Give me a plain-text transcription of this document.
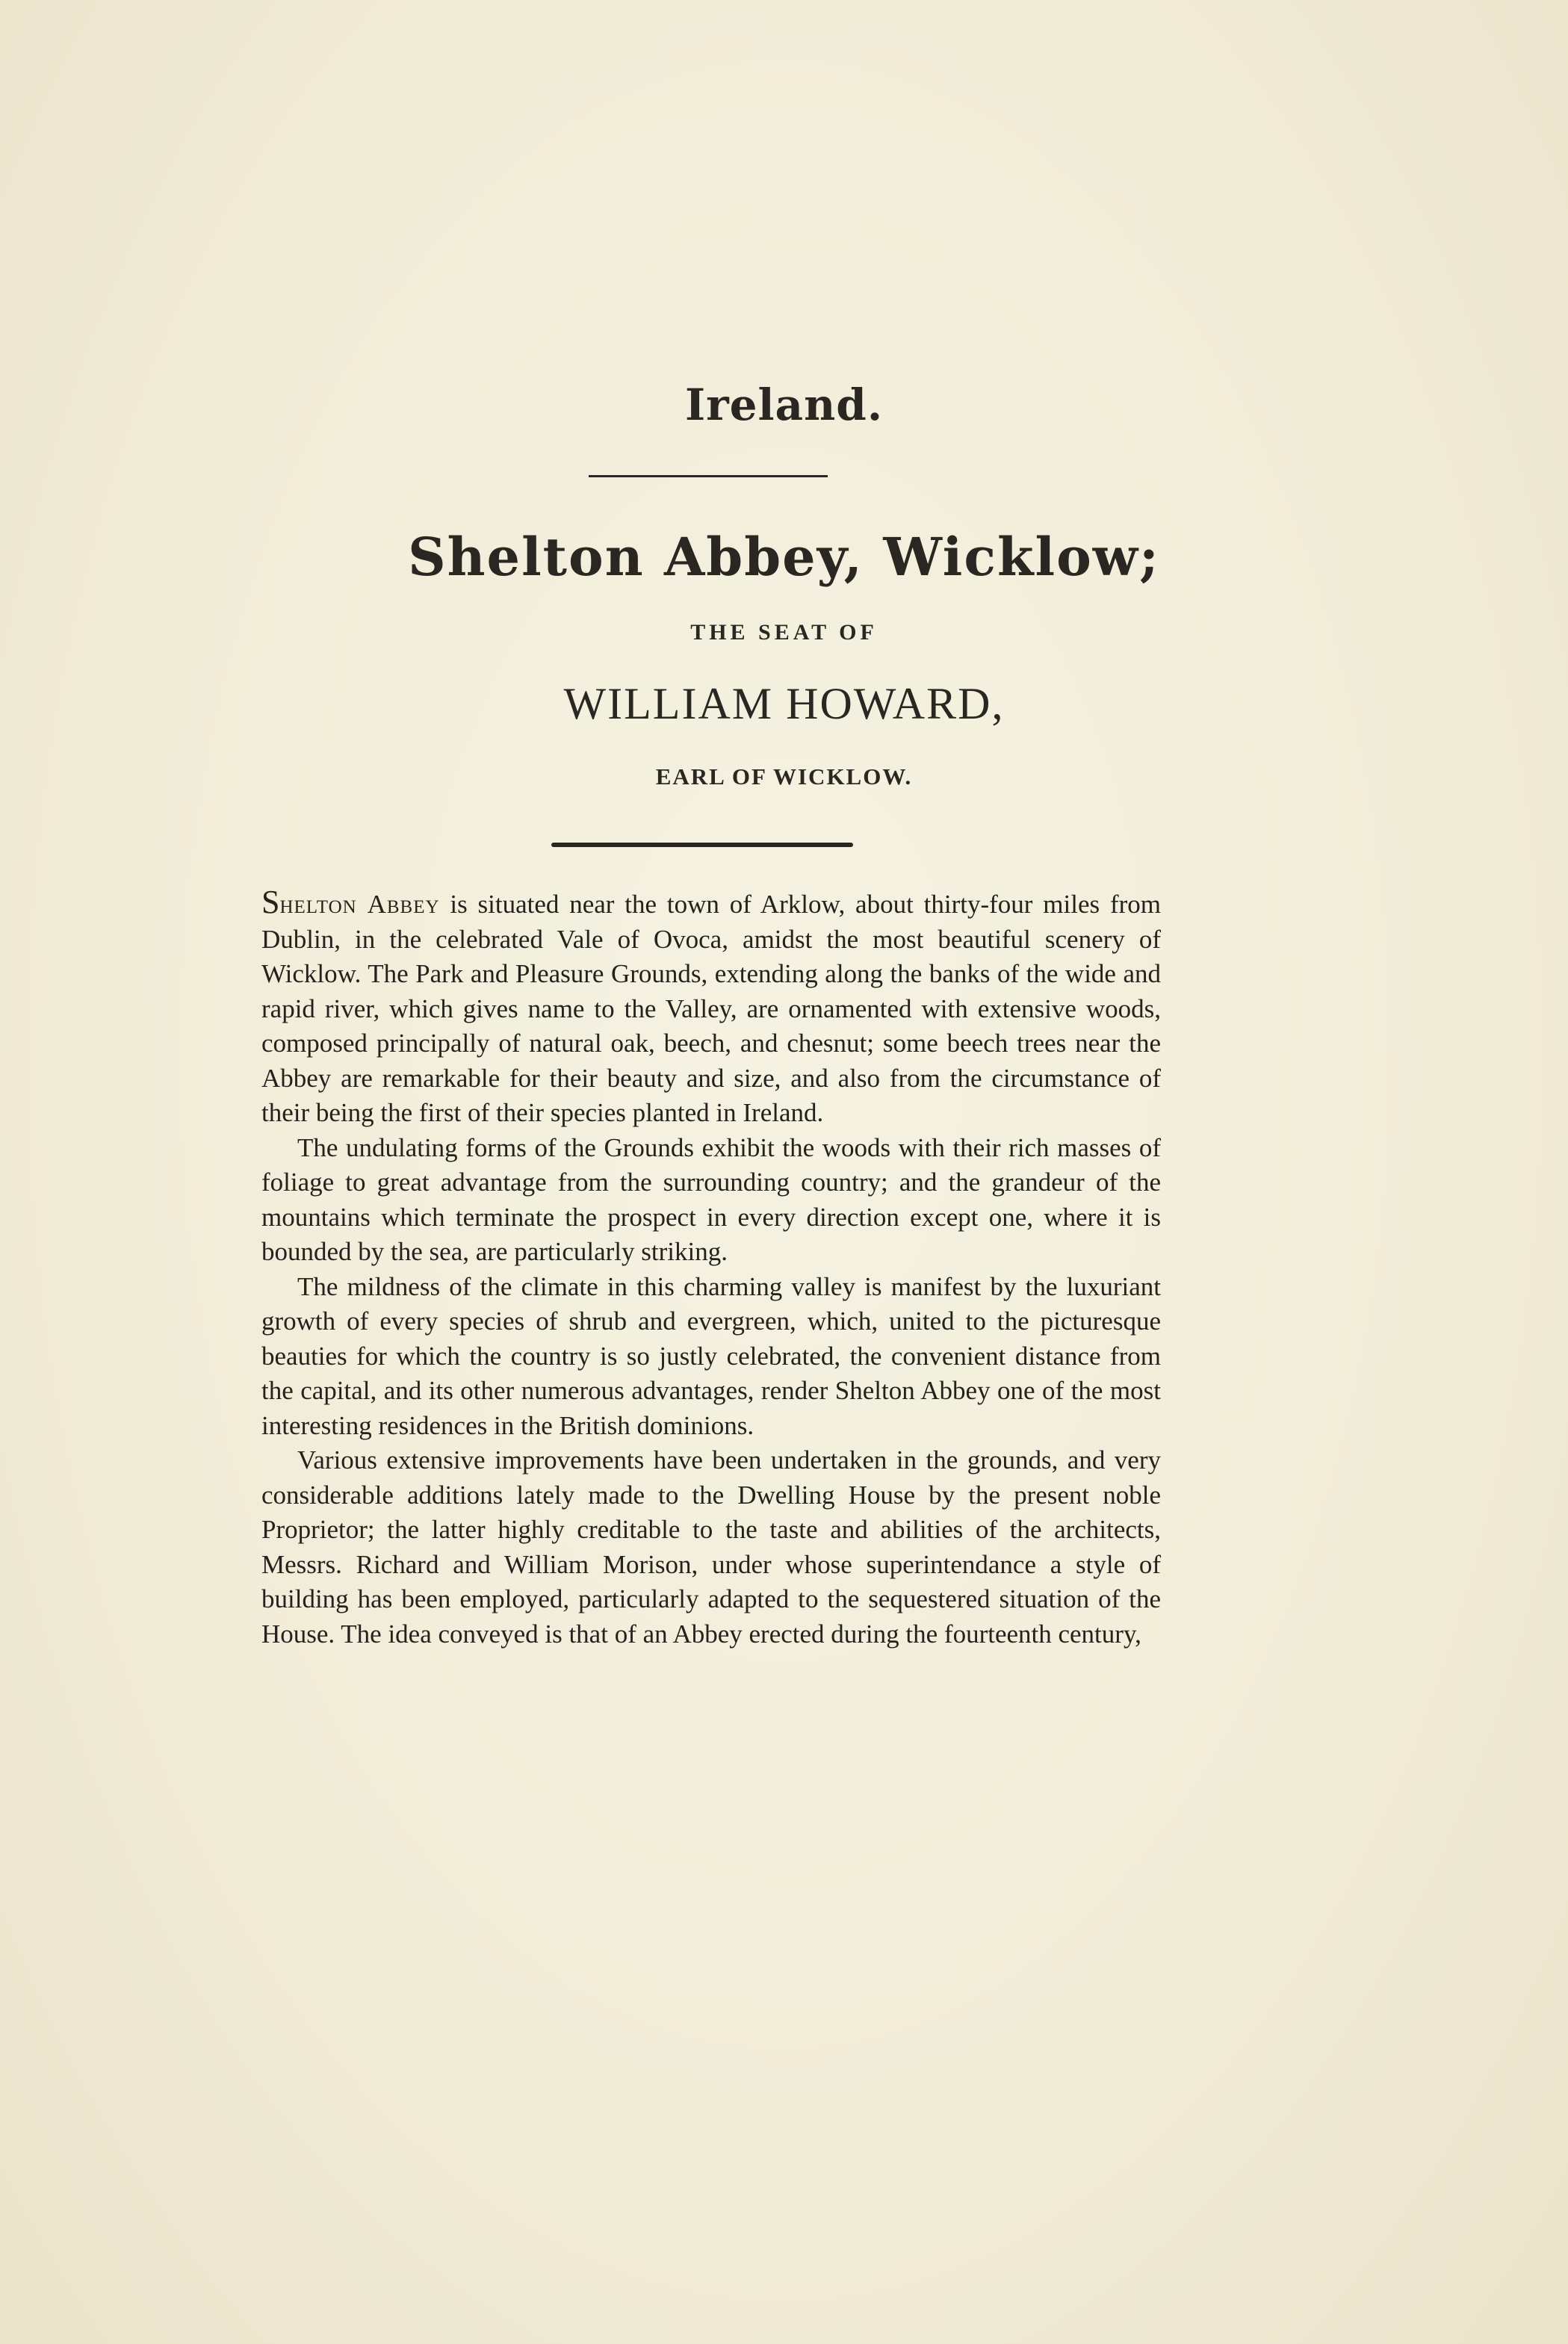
Ireland.
Shelton Abbey, Wicklow;
THE SEAT OF
WILLIAM HOWARD,
EARL OF WICKLOW.

Shelton Abbey is situated near the town of Arklow, about thirty-four miles from Dublin, in the celebrated Vale of Ovoca, amidst the most beautiful scenery of Wicklow. The Park and Pleasure Grounds, extending along the banks of the wide and rapid river, which gives name to the Valley, are ornamented with extensive woods, composed principally of natural oak, beech, and chesnut; some beech trees near the Abbey are remarkable for their beauty and size, and also from the circumstance of their being the first of their species planted in Ireland.

The undulating forms of the Grounds exhibit the woods with their rich masses of foliage to great advantage from the surrounding country; and the grandeur of the mountains which terminate the prospect in every direction except one, where it is bounded by the sea, are particularly striking.

The mildness of the climate in this charming valley is manifest by the luxuriant growth of every species of shrub and evergreen, which, united to the picturesque beauties for which the country is so justly celebrated, the convenient distance from the capital, and its other numerous advantages, render Shelton Abbey one of the most interesting residences in the British dominions.

Various extensive improvements have been undertaken in the grounds, and very considerable additions lately made to the Dwelling House by the present noble Proprietor; the latter highly creditable to the taste and abilities of the architects, Messrs. Richard and William Morison, under whose superintendance a style of building has been employed, particularly adapted to the sequestered situation of the House. The idea conveyed is that of an Abbey erected during the fourteenth century,
